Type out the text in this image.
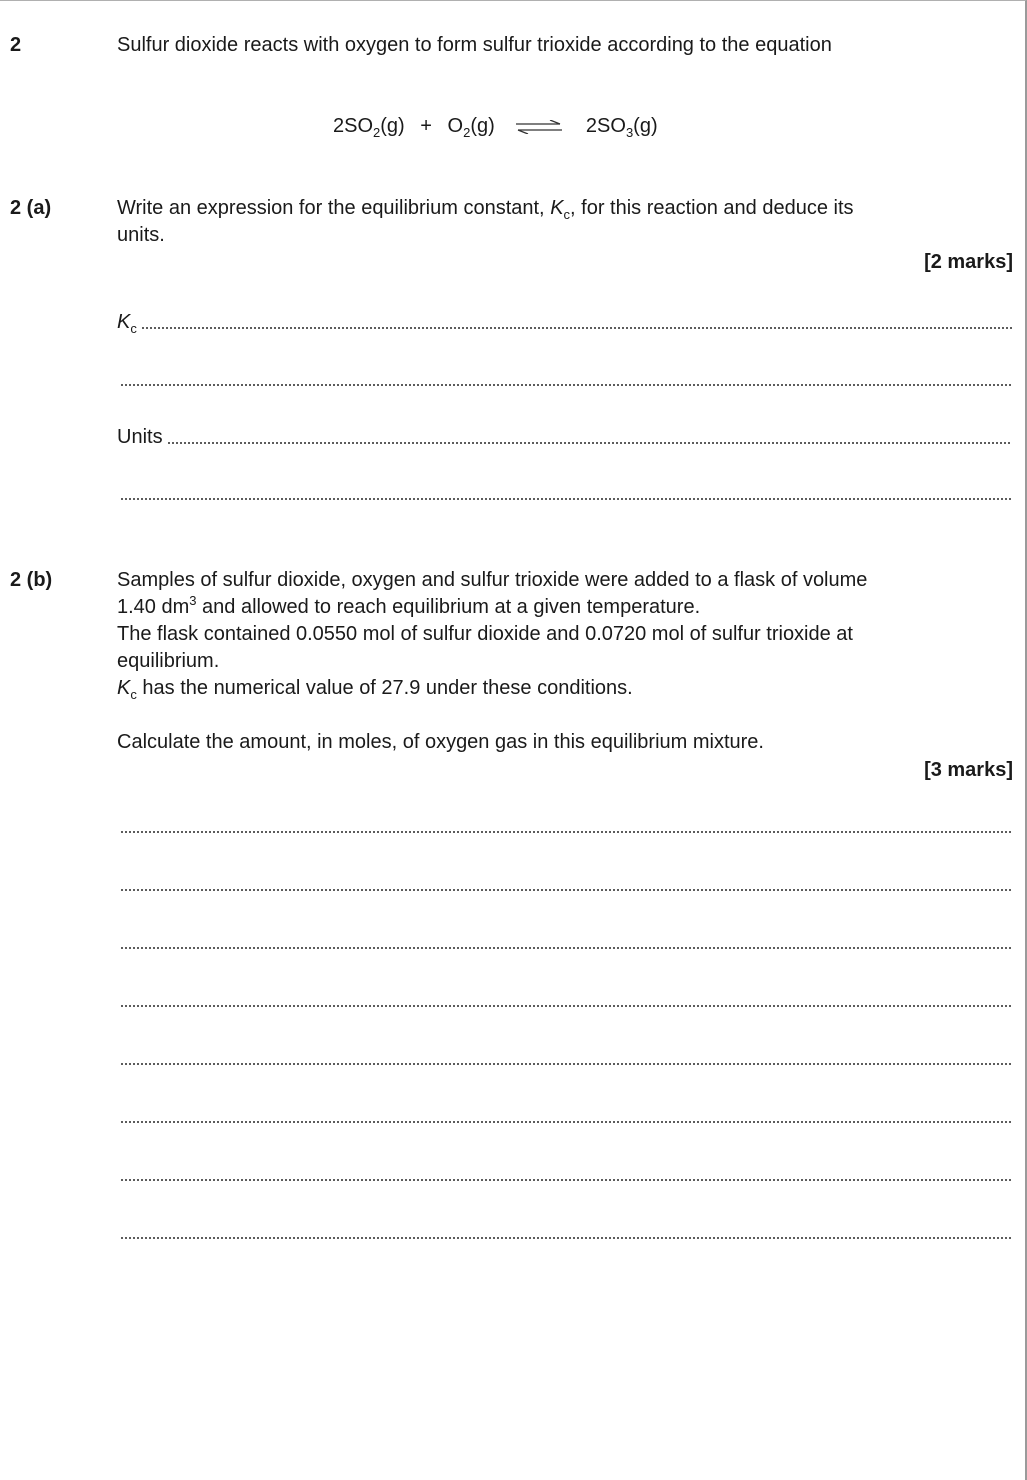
2	Sulfur dioxide reacts with oxygen to form sulfur trioxide according to the equation
$2SO_2(g) + O_2(g)$ ⇌ $2SO_3(g)$
2 (a)	Write an expression for the equilibrium constant, $K_c$, for this reaction and deduce its
units.
[2 marks]
$K_c$
Units
2 (b)	Samples of sulfur dioxide, oxygen and sulfur trioxide were added to a flask of volume
1.40 $dm^3$ and allowed to reach equilibrium at a given temperature.
The flask contained 0.0550 mol of sulfur dioxide and 0.0720 mol of sulfur trioxide at
equilibrium.
$K_c$ has the numerical value of 27.9 under these conditions.

Calculate the amount, in moles, of oxygen gas in this equilibrium mixture.
[3 marks]
